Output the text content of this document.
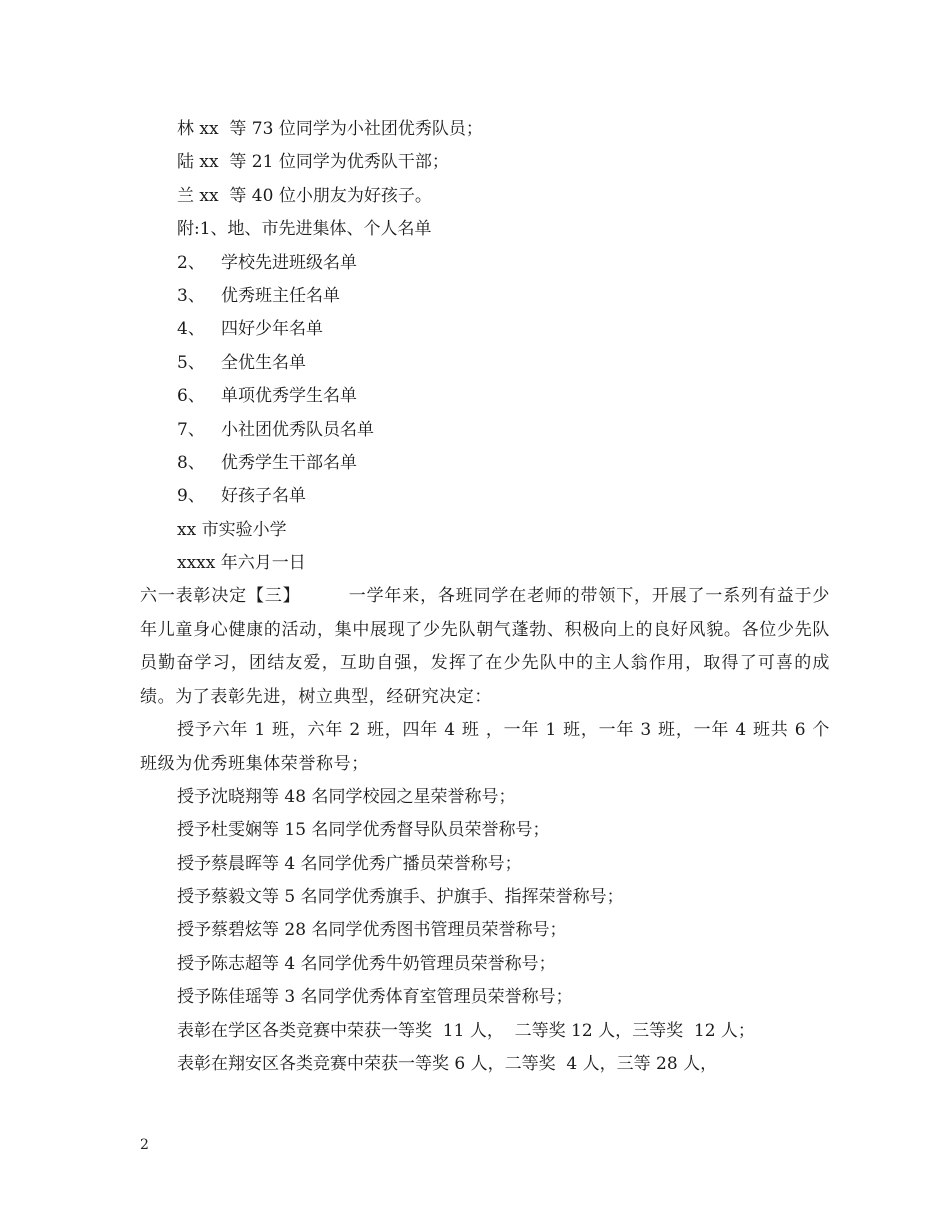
林 xx  等 73 位同学为小社团优秀队员；
陆 xx  等 21 位同学为优秀队干部；
兰 xx  等 40 位小朋友为好孩子。
附:1、地、市先进集体、个人名单
2、   学校先进班级名单
3、   优秀班主任名单
4、   四好少年名单
5、   全优生名单
6、   单项优秀学生名单
7、   小社团优秀队员名单
8、   优秀学生干部名单
9、   好孩子名单
xx 市实验小学
xxxx 年六月一日
六一表彰决定【三】	一学年来，各班同学在老师的带领下，开展了一系列有益于少年儿童身心健康的活动，集中展现了少先队朝气蓬勃、积极向上的良好风貌。各位少先队员勤奋学习，团结友爱，互助自强，发挥了在少先队中的主人翁作用，取得了可喜的成绩。为了表彰先进，树立典型，经研究决定：
授予六年 1 班，六年 2 班，四年 4 班 ，一年 1 班，一年 3 班，一年 4 班共 6 个班级为优秀班集体荣誉称号；
授予沈晓翔等 48 名同学校园之星荣誉称号；
授予杜雯娴等 15 名同学优秀督导队员荣誉称号；
授予蔡晨晖等 4 名同学优秀广播员荣誉称号；
授予蔡毅文等 5 名同学优秀旗手、护旗手、指挥荣誉称号；
授予蔡碧炫等 28 名同学优秀图书管理员荣誉称号；
授予陈志超等 4 名同学优秀牛奶管理员荣誉称号；
授予陈佳瑶等 3 名同学优秀体育室管理员荣誉称号；
表彰在学区各类竞赛中荣获一等奖  11 人，  二等奖 12 人，三等奖  12 人；
表彰在翔安区各类竞赛中荣获一等奖 6 人，二等奖  4 人，三等 28 人，
2
